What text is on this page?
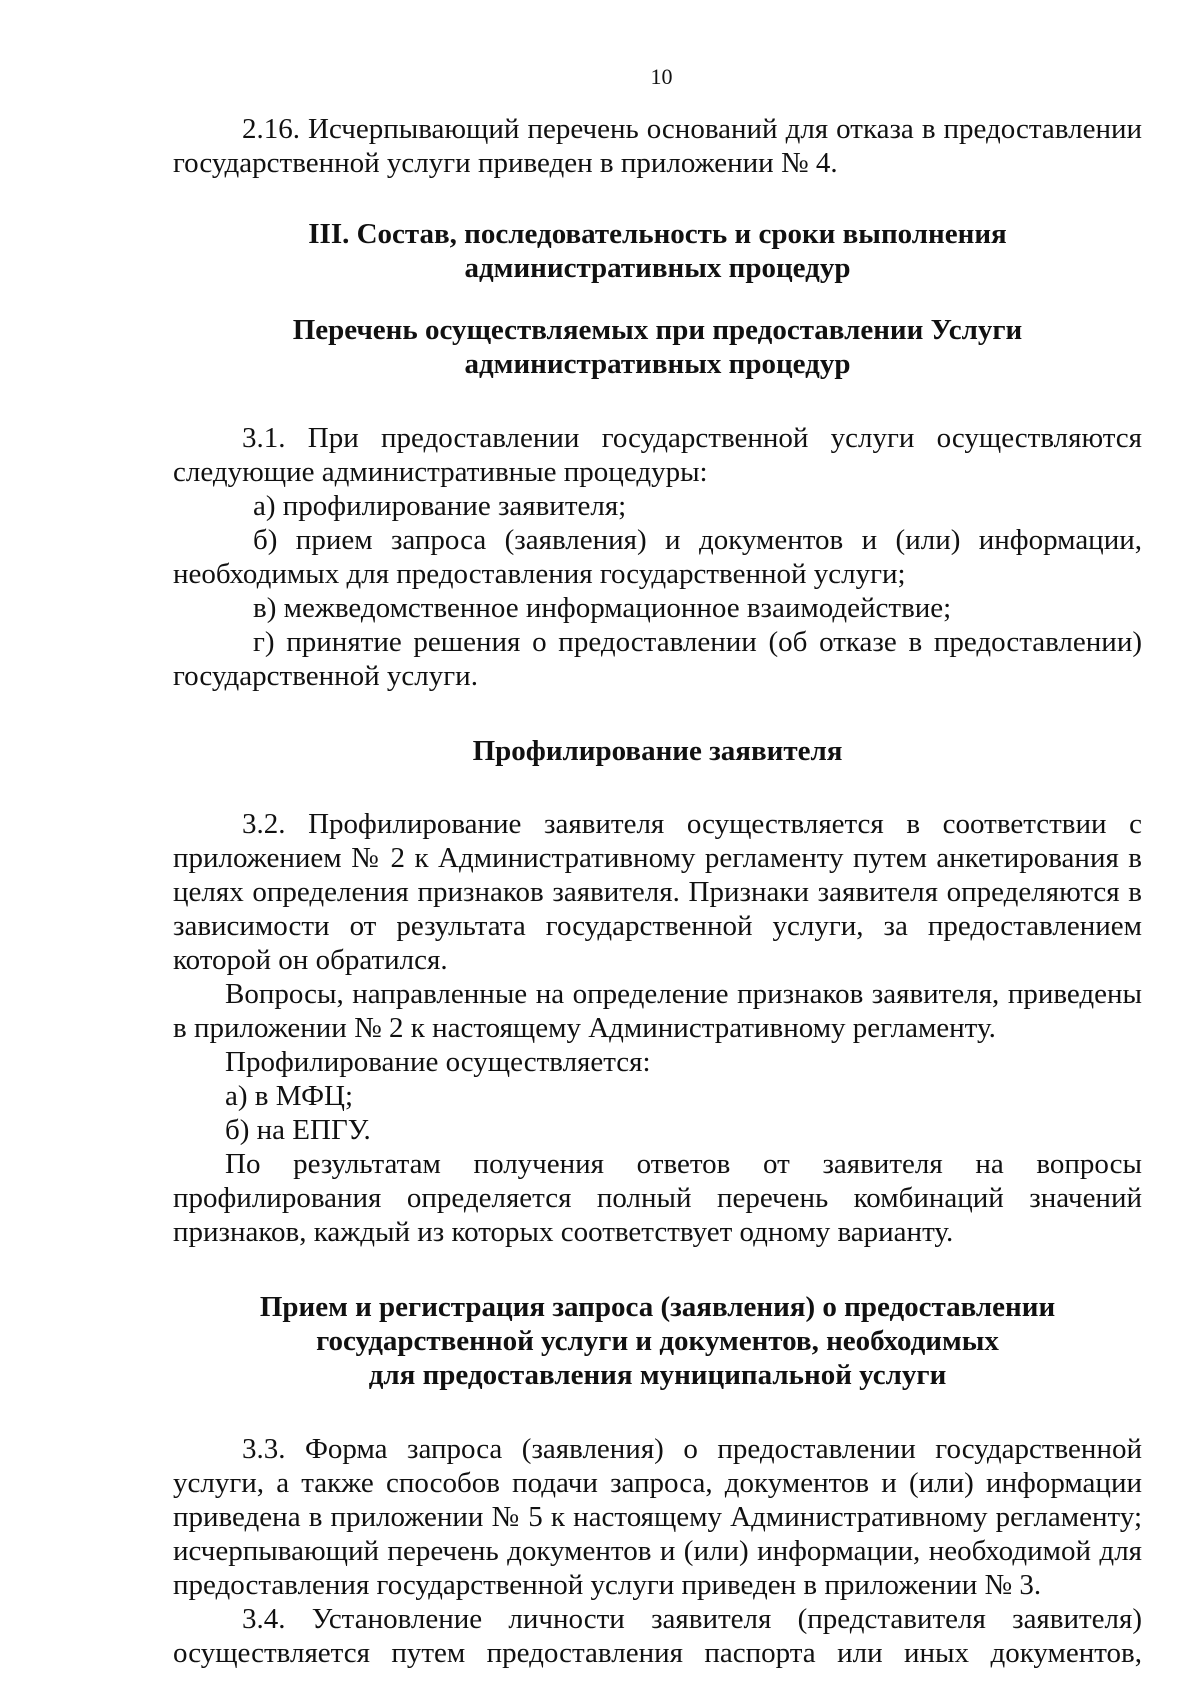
10

2.16. Исчерпывающий перечень оснований для отказа в предоставлении государственной услуги приведен в приложении № 4.

III. Состав, последовательность и сроки выполнения
административных процедур
Перечень осуществляемых при предоставлении Услуги
административных процедур

3.1. При предоставлении государственной услуги осуществляются следующие административные процедуры:

а) профилирование заявителя;

б) прием запроса (заявления) и документов и (или) информации, необходимых для предоставления государственной услуги;

в) межведомственное информационное взаимодействие;

г) принятие решения о предоставлении (об отказе в предоставлении) государственной услуги.

Профилирование заявителя

3.2. Профилирование заявителя осуществляется в соответствии с приложением № 2 к Административному регламенту путем анкетирования в целях определения признаков заявителя. Признаки заявителя определяются в зависимости от результата государственной услуги, за предоставлением которой он обратился.

Вопросы, направленные на определение признаков заявителя, приведены в приложении № 2 к настоящему Административному регламенту.

Профилирование осуществляется:

а) в МФЦ;

б) на ЕПГУ.

По результатам получения ответов от заявителя на вопросы профилирования определяется полный перечень комбинаций значений признаков, каждый из которых соответствует одному варианту.

Прием и регистрация запроса (заявления) о предоставлении
государственной услуги и документов, необходимых
для предоставления муниципальной услуги

3.3. Форма запроса (заявления) о предоставлении государственной услуги, а также способов подачи запроса, документов и (или) информации приведена в приложении № 5 к настоящему Административному регламенту; исчерпывающий перечень документов и (или) информации, необходимой для предоставления государственной услуги приведен в приложении № 3.

3.4. Установление личности заявителя (представителя заявителя) осуществляется путем предоставления паспорта или иных документов,
